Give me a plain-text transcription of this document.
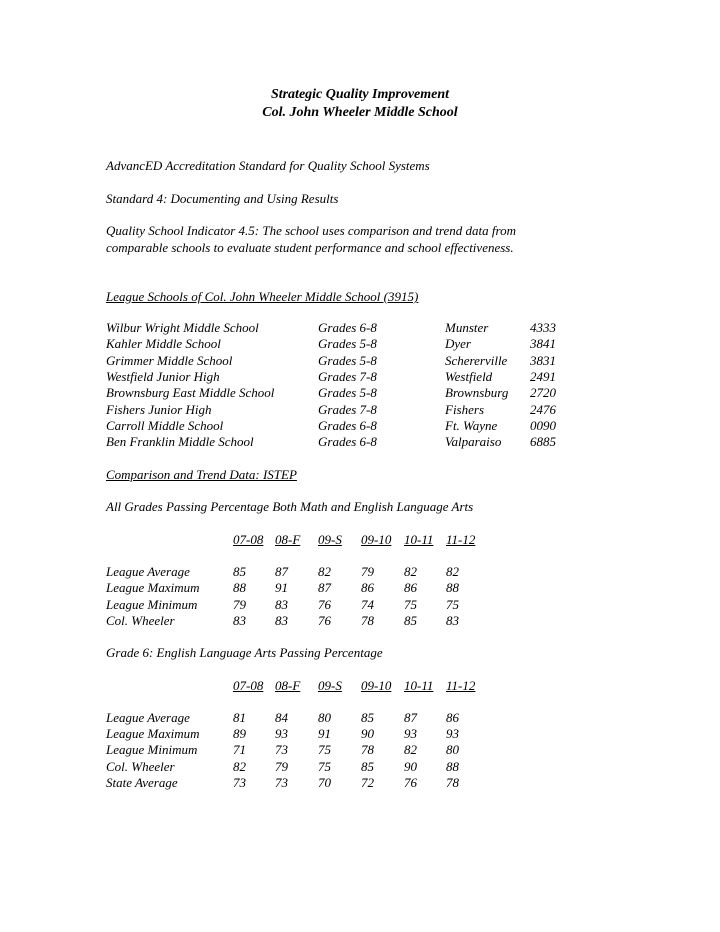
Strategic Quality Improvement
Col. John Wheeler Middle School
AdvancED Accreditation Standard for Quality School Systems
Standard 4: Documenting and Using Results
Quality School Indicator 4.5: The school uses comparison and trend data from
comparable schools to evaluate student performance and school effectiveness.
League Schools of Col. John Wheeler Middle School (3915)
Wilbur Wright Middle School	Grades 6-8	Munster	4333
Kahler Middle School	Grades 5-8	Dyer	3841
Grimmer Middle School	Grades 5-8	Schererville 3831
Westfield Junior High	Grades 7-8	Westfield	2491
Brownsburg East Middle School	Grades 5-8	Brownsburg 2720
Fishers Junior High	Grades 7-8	Fishers	2476
Carroll Middle School	Grades 6-8	Ft. Wayne	0090
Ben Franklin Middle School	Grades 6-8	Valparaiso 6885
Comparison and Trend Data: ISTEP
All Grades Passing Percentage Both Math and English Language Arts
07-08 08-F 09-S 09-10 10-11 11-12
League Average	85 87 82 79 82 82
League Maximum	88 91 87 86 86 88
League Minimum	79 83 76 74 75 75
Col. Wheeler	83 83 76 78 85 83
Grade 6: English Language Arts Passing Percentage
07-08 08-F 09-S 09-10 10-11 11-12
League Average	81 84 80 85 87 86
League Maximum	89 93 91 90 93 93
League Minimum	71 73 75 78 82 80
Col. Wheeler	82 79 75 85 90 88
State Average	73 73 70 72 76 78
